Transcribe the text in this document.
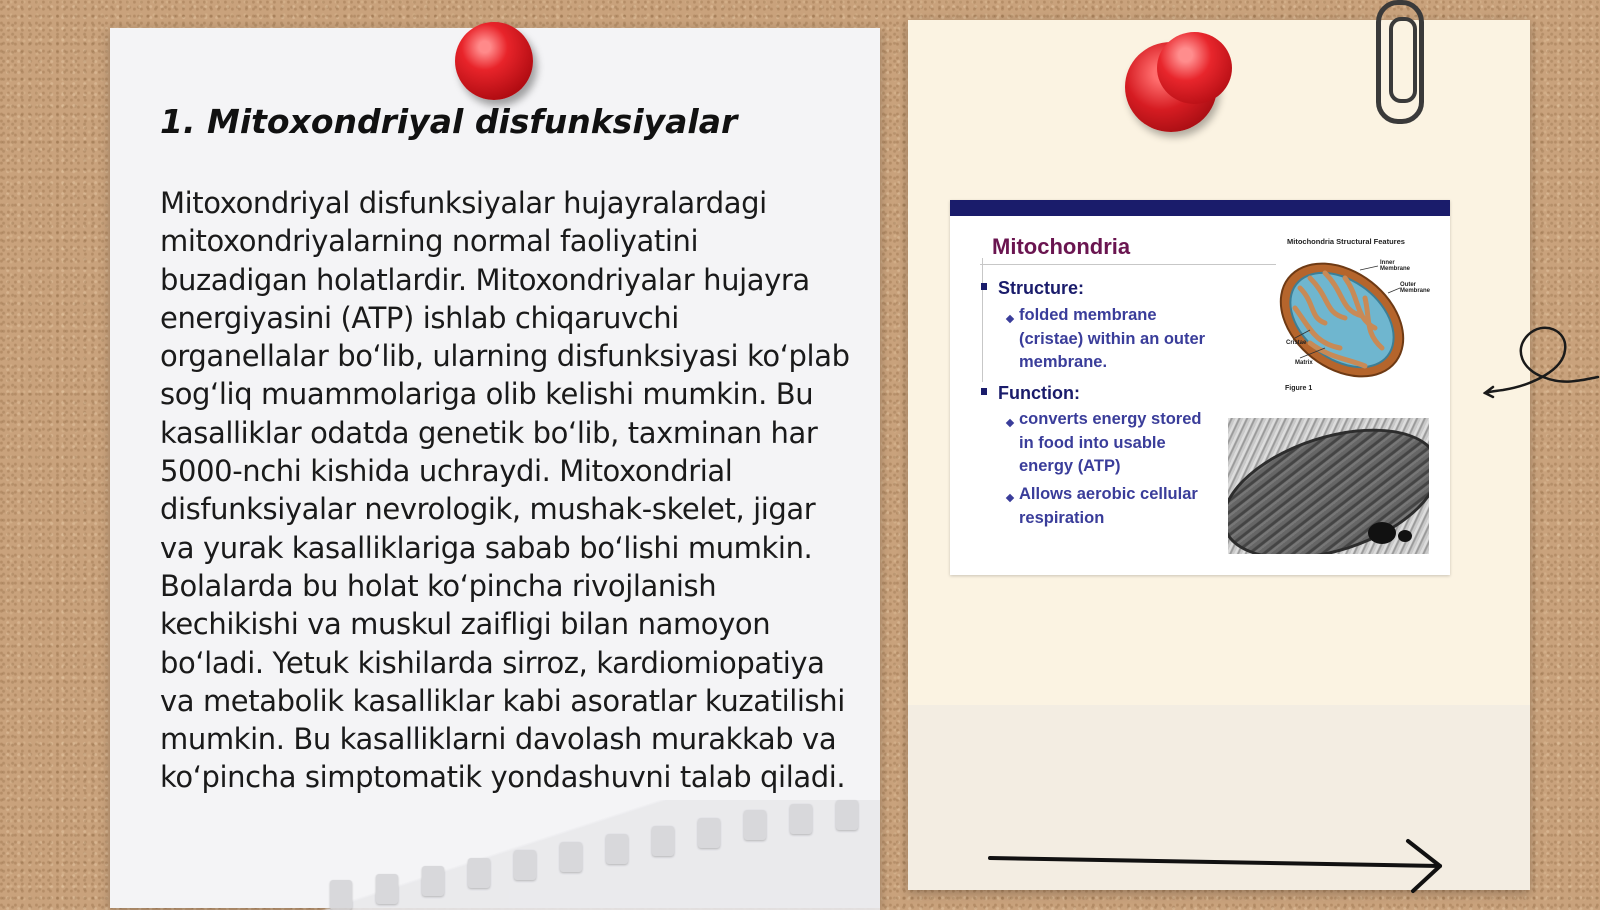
1. Mitoxondriyal disfunksiyalar

Mitoxondriyal disfunksiyalar hujayralardagi mitoxondriyalarning normal faoliyatini buzadigan holatlardir. Mitoxondriyalar hujayra energiyasini (ATP) ishlab chiqaruvchi organellalar bo‘lib, ularning disfunksiyasi ko‘plab sog‘liq muammolariga olib kelishi mumkin. Bu kasalliklar odatda genetik bo‘lib, taxminan har 5000-nchi kishida uchraydi. Mitoxondrial disfunksiyalar nevrologik, mushak-skelet, jigar va yurak kasalliklariga sabab bo‘lishi mumkin. Bolalarda bu holat ko‘pincha rivojlanish kechikishi va muskul zaifligi bilan namoyon bo‘ladi. Yetuk kishilarda sirroz, kardiomiopatiya va metabolik kasalliklar kabi asoratlar kuzatilishi mumkin. Bu kasalliklarni davolash murakkab va ko‘pincha simptomatik yondashuvni talab qiladi.

Mitochondria
Structure:

folded membrane (cristae) within an outer membrane.

Function:

converts energy stored in food into usable energy (ATP)

Allows aerobic cellular respiration

Mitochondria Structural Features

Inner Membrane

Outer Membrane

Cristae

Matrix

Figure 1
